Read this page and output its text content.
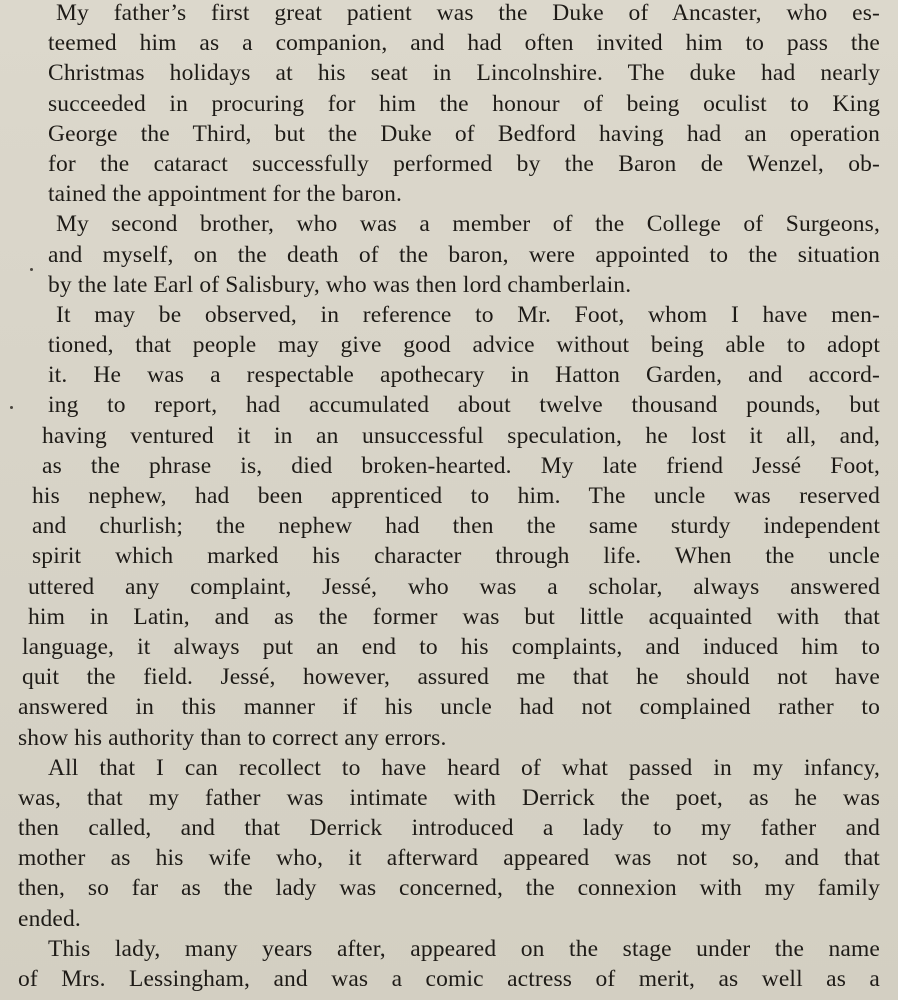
My father’s first great patient was the Duke of Ancaster, who es-
teemed him as a companion, and had often invited him to pass the
Christmas holidays at his seat in Lincolnshire. The duke had nearly
succeeded in procuring for him the honour of being oculist to King
George the Third, but the Duke of Bedford having had an operation
for the cataract successfully performed by the Baron de Wenzel, ob-
tained the appointment for the baron.
My second brother, who was a member of the College of Surgeons,
and myself, on the death of the baron, were appointed to the situation
by the late Earl of Salisbury, who was then lord chamberlain.
It may be observed, in reference to Mr. Foot, whom I have men-
tioned, that people may give good advice without being able to adopt
it. He was a respectable apothecary in Hatton Garden, and accord-
ing to report, had accumulated about twelve thousand pounds, but
having ventured it in an unsuccessful speculation, he lost it all, and,
as the phrase is, died broken-hearted. My late friend Jessé Foot,
his nephew, had been apprenticed to him. The uncle was reserved
and churlish; the nephew had then the same sturdy independent
spirit which marked his character through life. When the uncle
uttered any complaint, Jessé, who was a scholar, always answered
him in Latin, and as the former was but little acquainted with that
language, it always put an end to his complaints, and induced him to
quit the field. Jessé, however, assured me that he should not have
answered in this manner if his uncle had not complained rather to
show his authority than to correct any errors.
All that I can recollect to have heard of what passed in my infancy,
was, that my father was intimate with Derrick the poet, as he was
then called, and that Derrick introduced a lady to my father and
mother as his wife who, it afterward appeared was not so, and that
then, so far as the lady was concerned, the connexion with my family
ended.
This lady, many years after, appeared on the stage under the name
of Mrs. Lessingham, and was a comic actress of merit, as well as a
